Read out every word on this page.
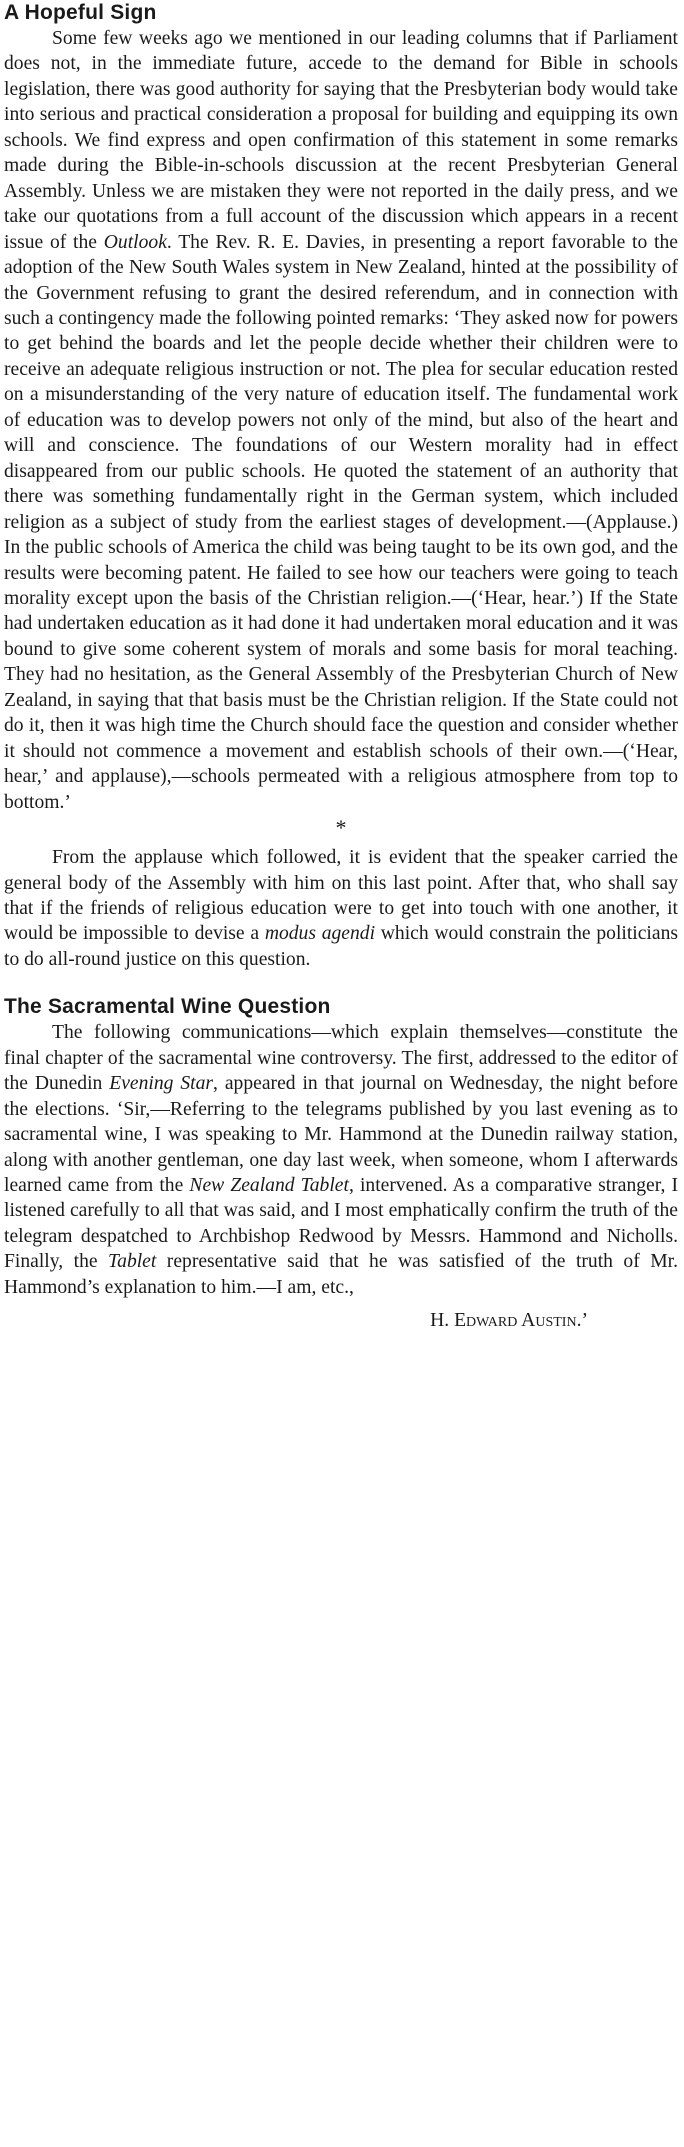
A Hopeful Sign

Some few weeks ago we mentioned in our leading columns that if Parliament does not, in the immediate future, accede to the demand for Bible in schools legislation, there was good authority for saying that the Presbyterian body would take into serious and practical consideration a proposal for building and equipping its own schools. We find express and open confirmation of this statement in some remarks made during the Bible-in-schools discussion at the recent Presbyterian General Assembly. Unless we are mistaken they were not reported in the daily press, and we take our quotations from a full account of the discussion which appears in a recent issue of the Outlook. The Rev. R. E. Davies, in presenting a report favorable to the adoption of the New South Wales system in New Zealand, hinted at the possibility of the Government refusing to grant the desired referendum, and in connection with such a contingency made the following pointed remarks: ‘They asked now for powers to get behind the boards and let the people decide whether their children were to receive an adequate religious instruction or not. The plea for secular education rested on a misunderstanding of the very nature of education itself. The fundamental work of education was to develop powers not only of the mind, but also of the heart and will and conscience. The foundations of our Western morality had in effect disappeared from our public schools. He quoted the statement of an authority that there was something fundamentally right in the German system, which included religion as a subject of study from the earliest stages of development.—(Applause.) In the public schools of America the child was being taught to be its own god, and the results were becoming patent. He failed to see how our teachers were going to teach morality except upon the basis of the Christian religion.—(‘Hear, hear.’) If the State had undertaken education as it had done it had undertaken moral education and it was bound to give some coherent system of morals and some basis for moral teaching. They had no hesitation, as the General Assembly of the Presbyterian Church of New Zealand, in saying that that basis must be the Christian religion. If the State could not do it, then it was high time the Church should face the question and consider whether it should not commence a movement and establish schools of their own.—(‘Hear, hear,’ and applause),—schools permeated with a religious atmosphere from top to bottom.’

*

From the applause which followed, it is evident that the speaker carried the general body of the Assembly with him on this last point. After that, who shall say that if the friends of religious education were to get into touch with one another, it would be impossible to devise a modus agendi which would constrain the politicians to do all-round justice on this question.

The Sacramental Wine Question

The following communications—which explain themselves—constitute the final chapter of the sacramental wine controversy. The first, addressed to the editor of the Dunedin Evening Star, appeared in that journal on Wednesday, the night before the elections. ‘Sir,—Referring to the telegrams published by you last evening as to sacramental wine, I was speaking to Mr. Hammond at the Dunedin railway station, along with another gentleman, one day last week, when someone, whom I afterwards learned came from the New Zealand Tablet, intervened. As a comparative stranger, I listened carefully to all that was said, and I most emphatically confirm the truth of the telegram despatched to Archbishop Redwood by Messrs. Hammond and Nicholls. Finally, the Tablet representative said that he was satisfied of the truth of Mr. Hammond’s explanation to him.—I am, etc.,

H. Edward Austin.’
